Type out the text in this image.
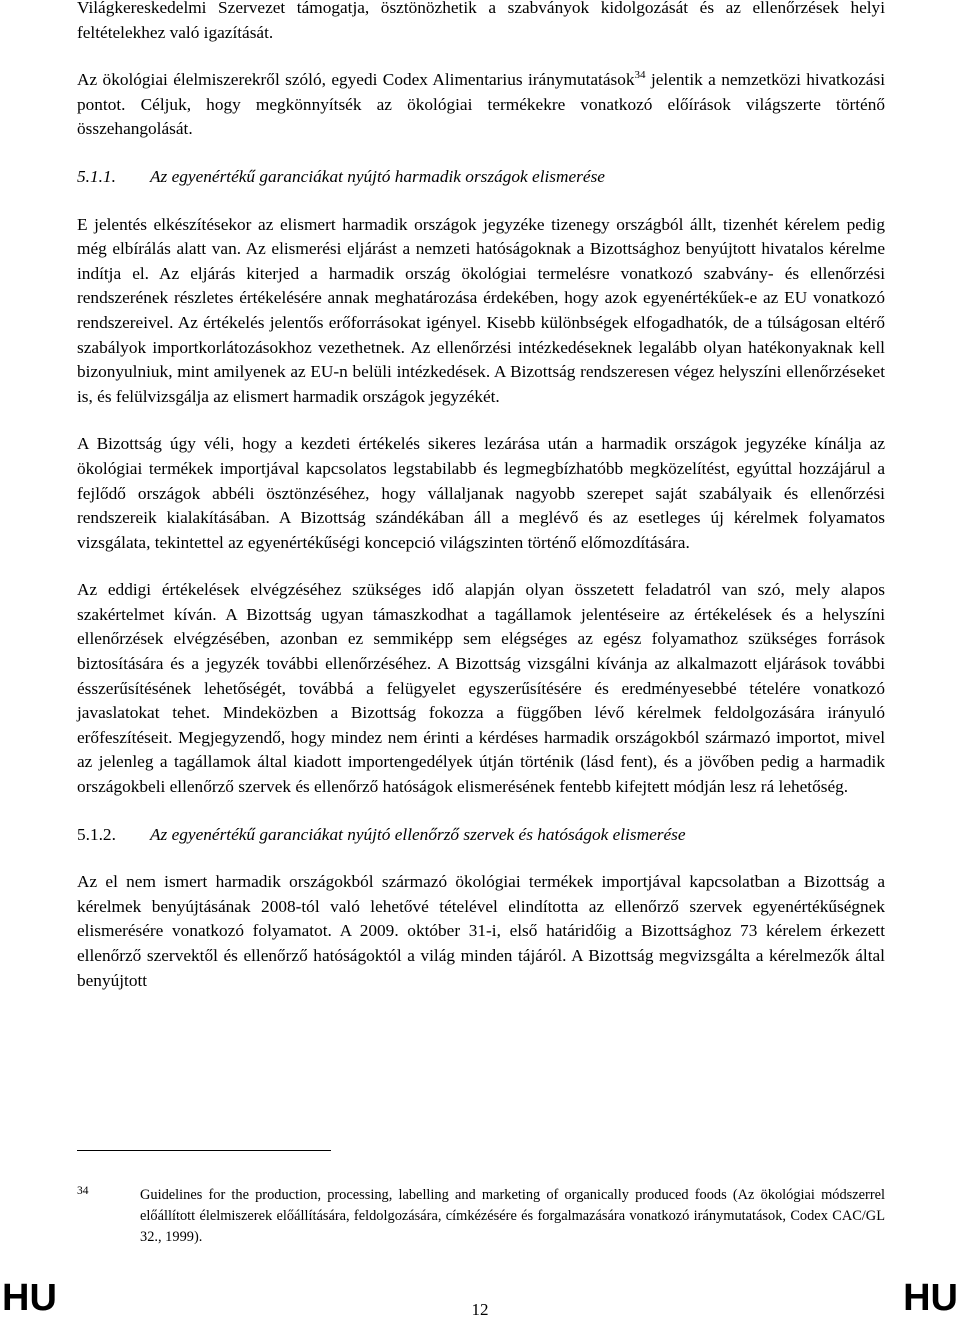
Világkereskedelmi Szervezet támogatja, ösztönözhetik a szabványok kidolgozását és az ellenőrzések helyi feltételekhez való igazítását.

Az ökológiai élelmiszerekről szóló, egyedi Codex Alimentarius iránymutatások$^{34}$ jelentik a nemzetközi hivatkozási pontot. Céljuk, hogy megkönnyítsék az ökológiai termékekre vonatkozó előírások világszerte történő összehangolását.

5.1.1.	Az egyenértékű garanciákat nyújtó harmadik országok elismerése

E jelentés elkészítésekor az elismert harmadik országok jegyzéke tizenegy országból állt, tizenhét kérelem pedig még elbírálás alatt van. Az elismerési eljárást a nemzeti hatóságoknak a Bizottsághoz benyújtott hivatalos kérelme indítja el. Az eljárás kiterjed a harmadik ország ökológiai termelésre vonatkozó szabvány- és ellenőrzési rendszerének részletes értékelésére annak meghatározása érdekében, hogy azok egyenértékűek-e az EU vonatkozó rendszereivel. Az értékelés jelentős erőforrásokat igényel. Kisebb különbségek elfogadhatók, de a túlságosan eltérő szabályok importkorlátozásokhoz vezethetnek. Az ellenőrzési intézkedéseknek legalább olyan hatékonyaknak kell bizonyulniuk, mint amilyenek az EU-n belüli intézkedések. A Bizottság rendszeresen végez helyszíni ellenőrzéseket is, és felülvizsgálja az elismert harmadik országok jegyzékét.

A Bizottság úgy véli, hogy a kezdeti értékelés sikeres lezárása után a harmadik országok jegyzéke kínálja az ökológiai termékek importjával kapcsolatos legstabilabb és legmegbízhatóbb megközelítést, egyúttal hozzájárul a fejlődő országok abbéli ösztönzéséhez, hogy vállaljanak nagyobb szerepet saját szabályaik és ellenőrzési rendszereik kialakításában. A Bizottság szándékában áll a meglévő és az esetleges új kérelmek folyamatos vizsgálata, tekintettel az egyenértékűségi koncepció világszinten történő előmozdítására.

Az eddigi értékelések elvégzéséhez szükséges idő alapján olyan összetett feladatról van szó, mely alapos szakértelmet kíván. A Bizottság ugyan támaszkodhat a tagállamok jelentéseire az értékelések és a helyszíni ellenőrzések elvégzésében, azonban ez semmiképp sem elégséges az egész folyamathoz szükséges források biztosítására és a jegyzék további ellenőrzéséhez. A Bizottság vizsgálni kívánja az alkalmazott eljárások további ésszerűsítésének lehetőségét, továbbá a felügyelet egyszerűsítésére és eredményesebbé tételére vonatkozó javaslatokat tehet. Mindeközben a Bizottság fokozza a függőben lévő kérelmek feldolgozására irányuló erőfeszítéseit. Megjegyzendő, hogy mindez nem érinti a kérdéses harmadik országokból származó importot, mivel az jelenleg a tagállamok által kiadott importengedélyek útján történik (lásd fent), és a jövőben pedig a harmadik országokbeli ellenőrző szervek és ellenőrző hatóságok elismerésének fentebb kifejtett módján lesz rá lehetőség.

5.1.2.	Az egyenértékű garanciákat nyújtó ellenőrző szervek és hatóságok elismerése

Az el nem ismert harmadik országokból származó ökológiai termékek importjával kapcsolatban a Bizottság a kérelmek benyújtásának 2008-tól való lehetővé tételével elindította az ellenőrző szervek egyenértékűségnek elismerésére vonatkozó folyamatot. A 2009. október 31-i, első határidőig a Bizottsághoz 73 kérelem érkezett ellenőrző szervektől és ellenőrző hatóságoktól a világ minden tájáról. A Bizottság megvizsgálta a kérelmezők által benyújtott

34	Guidelines for the production, processing, labelling and marketing of organically produced foods (Az ökológiai módszerrel előállított élelmiszerek előállítására, feldolgozására, címkézésére és forgalmazására vonatkozó iránymutatások, Codex CAC/GL 32., 1999).
HU	12	HU
